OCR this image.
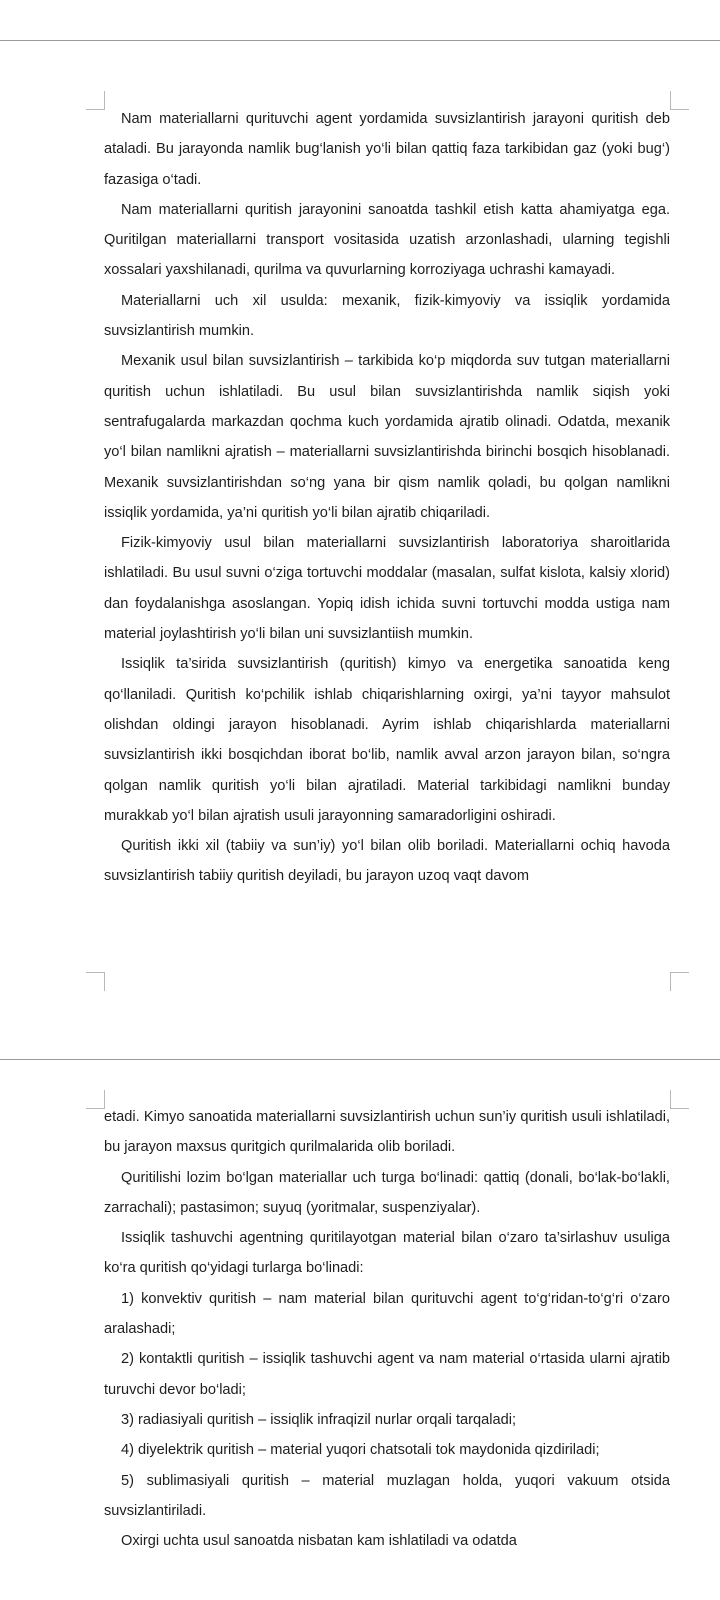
Nam materiallarni qurituvchi agent yordamida suvsizlantirish jarayoni quritish deb ataladi. Bu jarayonda namlik bug‘lanish yo‘li bilan qattiq faza tarkibidan gaz (yoki bug‘) fazasiga o‘tadi.

Nam materiallarni quritish jarayonini sanoatda tashkil etish katta ahamiyatga ega. Quritilgan materiallarni transport vositasida uzatish arzonlashadi, ularning tegishli xossalari yaxshilanadi, qurilma va quvurlarning korroziyaga uchrashi kamayadi.

Materiallarni uch xil usulda: mexanik, fizik-kimyoviy va issiqlik yordamida suvsizlantirish mumkin.

Mexanik usul bilan suvsizlantirish – tarkibida ko‘p miqdorda suv tutgan materiallarni quritish uchun ishlatiladi. Bu usul bilan suvsizlantirishda namlik siqish yoki sentrafugalarda markazdan qochma kuch yordamida ajratib olinadi. Odatda, mexanik yo‘l bilan namlikni ajratish – materiallarni suvsizlantirishda birinchi bosqich hisoblanadi. Mexanik suvsizlantirishdan so‘ng yana bir qism namlik qoladi, bu qolgan namlikni issiqlik yordamida, ya’ni quritish yo‘li bilan ajratib chiqariladi.

Fizik-kimyoviy usul bilan materiallarni suvsizlantirish laboratoriya sharoitlarida ishlatiladi. Bu usul suvni o‘ziga tortuvchi moddalar (masalan, sulfat kislota, kalsiy xlorid) dan foydalanishga asoslangan. Yopiq idish ichida suvni tortuvchi modda ustiga nam material joylashtirish yo‘li bilan uni suvsizlantiish mumkin.

Issiqlik ta’sirida suvsizlantirish (quritish) kimyo va energetika sanoatida keng qo‘llaniladi. Quritish ko‘pchilik ishlab chiqarishlarning oxirgi, ya’ni tayyor mahsulot olishdan oldingi jarayon hisoblanadi. Ayrim ishlab chiqarishlarda materiallarni suvsizlantirish ikki bosqichdan iborat bo‘lib, namlik avval arzon jarayon bilan, so‘ngra qolgan namlik quritish yo‘li bilan ajratiladi. Material tarkibidagi namlikni bunday murakkab yo‘l bilan ajratish usuli jarayonning samaradorligini oshiradi.

Quritish ikki xil (tabiiy va sun’iy) yo‘l bilan olib boriladi. Materiallarni ochiq havoda suvsizlantirish tabiiy quritish deyiladi, bu jarayon uzoq vaqt davom

etadi. Kimyo sanoatida materiallarni suvsizlantirish uchun sun’iy quritish usuli ishlatiladi, bu jarayon maxsus quritgich qurilmalarida olib boriladi.

Quritilishi lozim bo‘lgan materiallar uch turga bo‘linadi: qattiq (donali, bo‘lak-bo‘lakli, zarrachali); pastasimon; suyuq (yoritmalar, suspenziyalar).

Issiqlik tashuvchi agentning quritilayotgan material bilan o‘zaro ta’sirlashuv usuliga ko‘ra quritish qo‘yidagi turlarga bo‘linadi:

1) konvektiv quritish – nam material bilan qurituvchi agent to‘g‘ridan-to‘g‘ri o‘zaro aralashadi;

2) kontaktli quritish – issiqlik tashuvchi agent va nam material o‘rtasida ularni ajratib turuvchi devor bo‘ladi;

3) radiasiyali quritish – issiqlik infraqizil nurlar orqali tarqaladi;

4) diyelektrik quritish – material yuqori chatsotali tok maydonida qizdiriladi;

5) sublimasiyali quritish – material muzlagan holda, yuqori vakuum otsida suvsizlantiriladi.

Oxirgi uchta usul sanoatda nisbatan kam ishlatiladi va odatda
